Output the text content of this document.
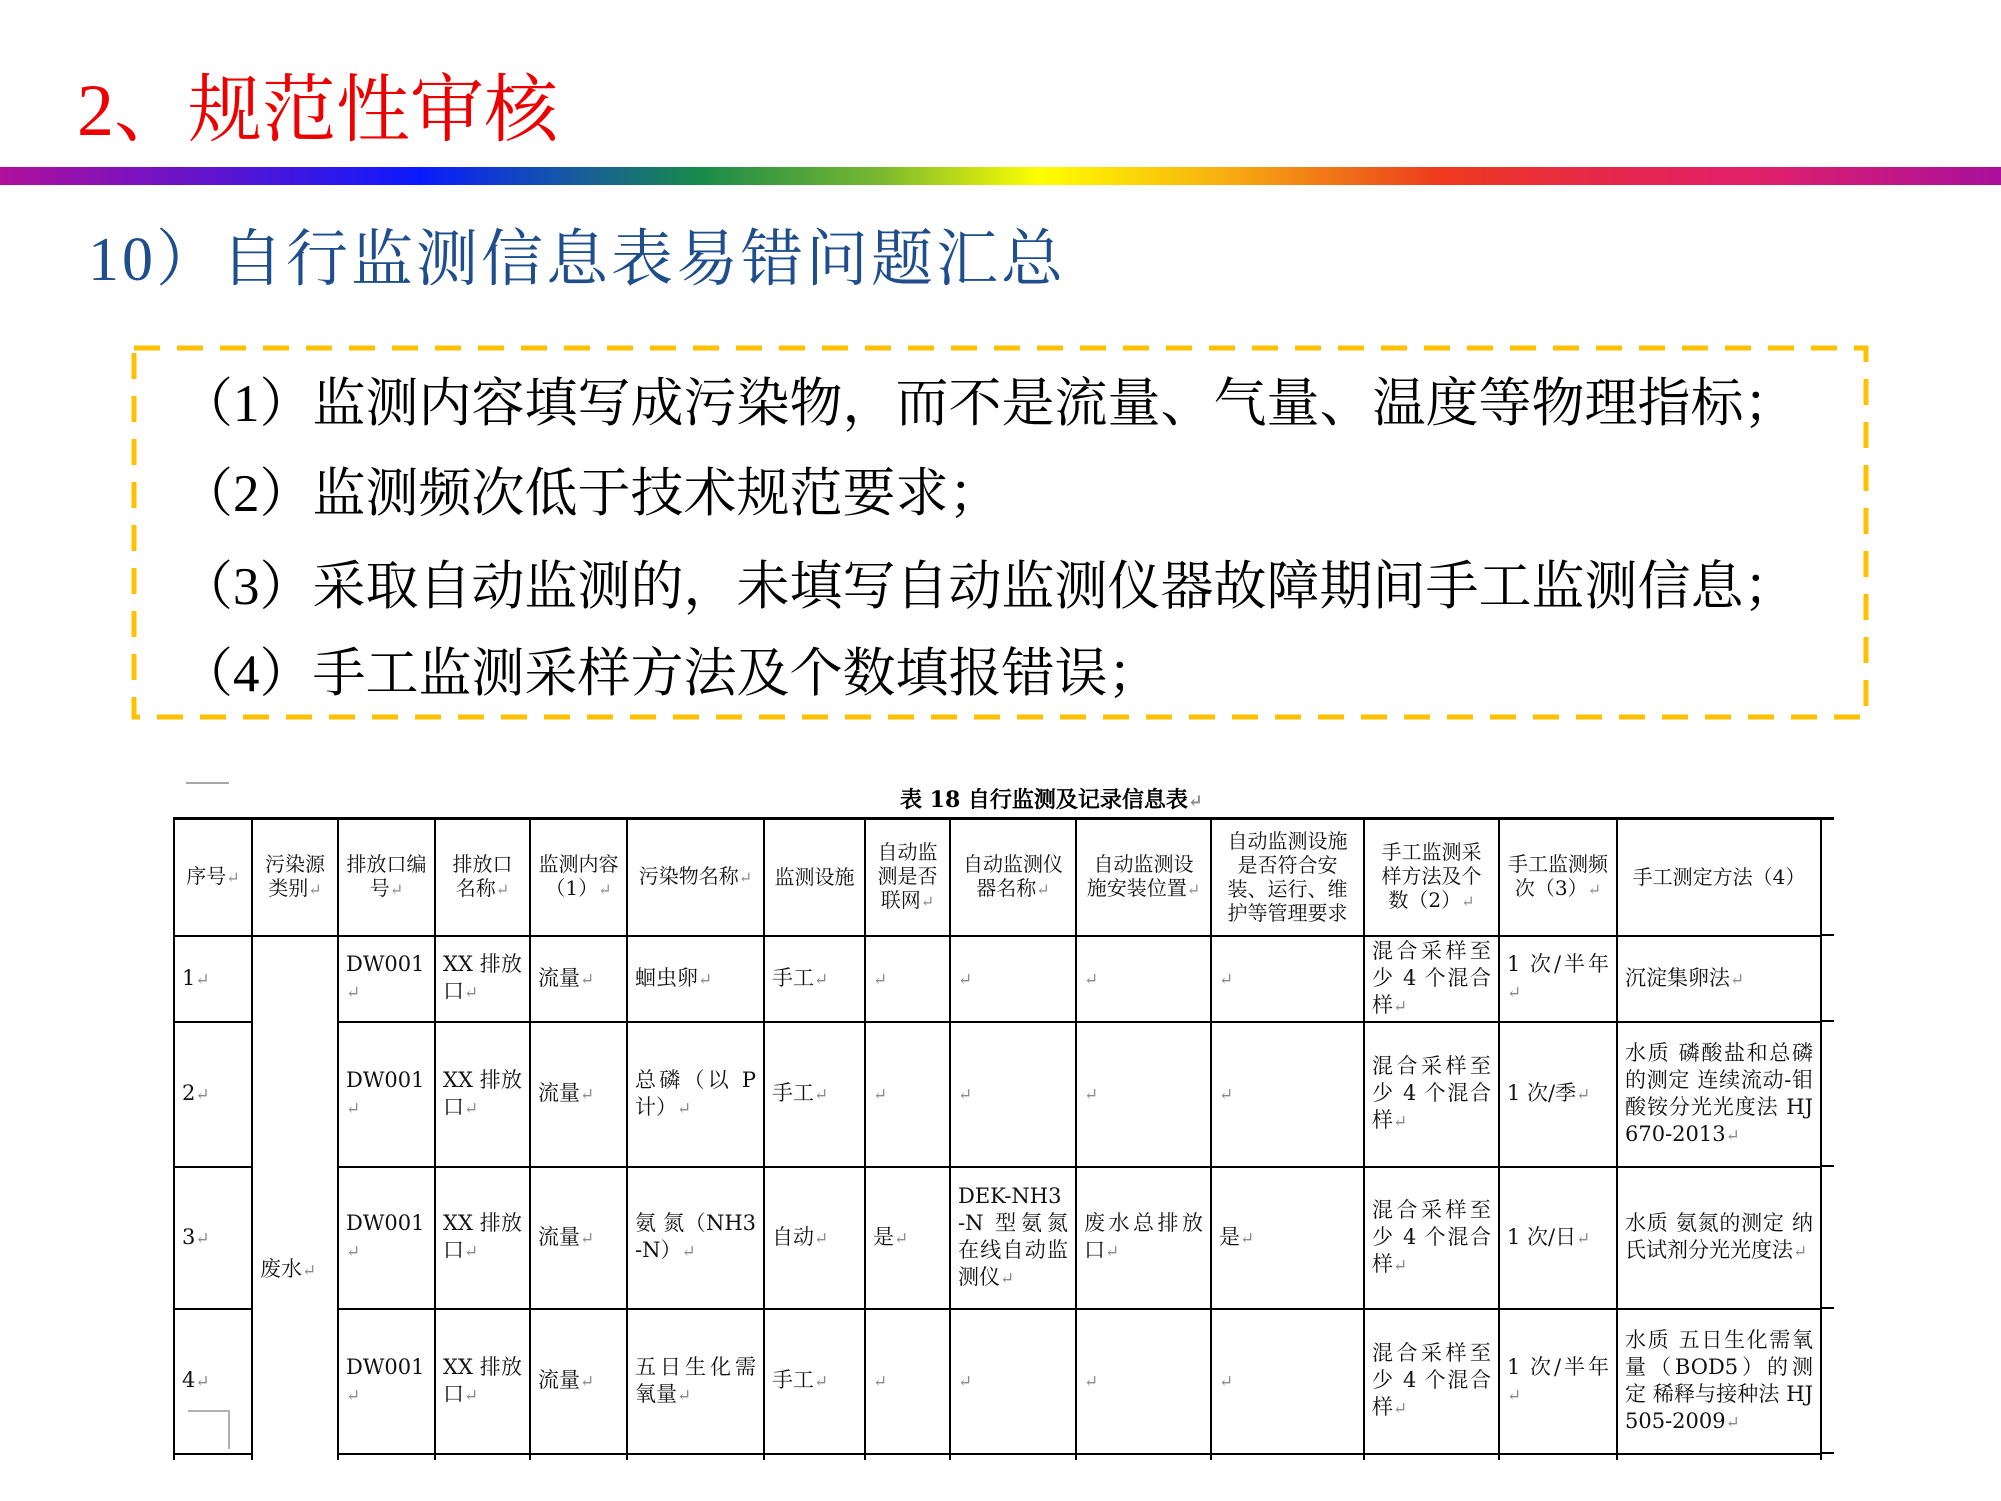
2、规范性审核
10）自行监测信息表易错问题汇总
（1）监测内容填写成污染物，而不是流量、气量、温度等物理指标；
（2）监测频次低于技术规范要求；
（3）采取自动监测的，未填写自动监测仪器故障期间手工监测信息；
（4）手工监测采样方法及个数填报错误；
表 18 自行监测及记录信息表↵
序号↵	污染源类别↵	排放口编号↵	排放口名称↵	监测内容（1）↵	污染物名称↵	监测设施	自动监测是否联网↵	自动监测仪器名称↵	自动监测设施安装位置↵	自动监测设施是否符合安装、运行、维护等管理要求	手工监测采样方法及个数（2）↵	手工监测频次（3）↵	手工测定方法（4）
1↵	废水↵	DW001↵	XX 排放口↵	流量↵	蛔虫卵↵	手工↵	↵	↵	↵	↵	混合采样至少 4 个混合样↵	1 次/半年↵	沉淀集卵法↵
2↵		DW001↵	XX 排放口↵	流量↵	总磷（以 P 计）↵	手工↵	↵	↵	↵	↵	混合采样至少 4 个混合样↵	1 次/季↵	水质 磷酸盐和总磷的测定 连续流动-钼酸铵分光光度法 HJ 670-2013↵
3↵		DW001↵	XX 排放口↵	流量↵	氨 氮（NH3-N）↵	自动↵	是↵	DEK-NH3-N 型氨氮在线自动监测仪↵	废水总排放口↵	是↵	混合采样至少 4 个混合样↵	1 次/日↵	水质 氨氮的测定 纳氏试剂分光光度法↵
4↵		DW001↵	XX 排放口↵	流量↵	五日生化需氧量↵	手工↵	↵	↵	↵	↵	混合采样至少 4 个混合样↵	1 次/半年↵	水质 五日生化需氧量（BOD5）的测定 稀释与接种法 HJ505-2009↵
